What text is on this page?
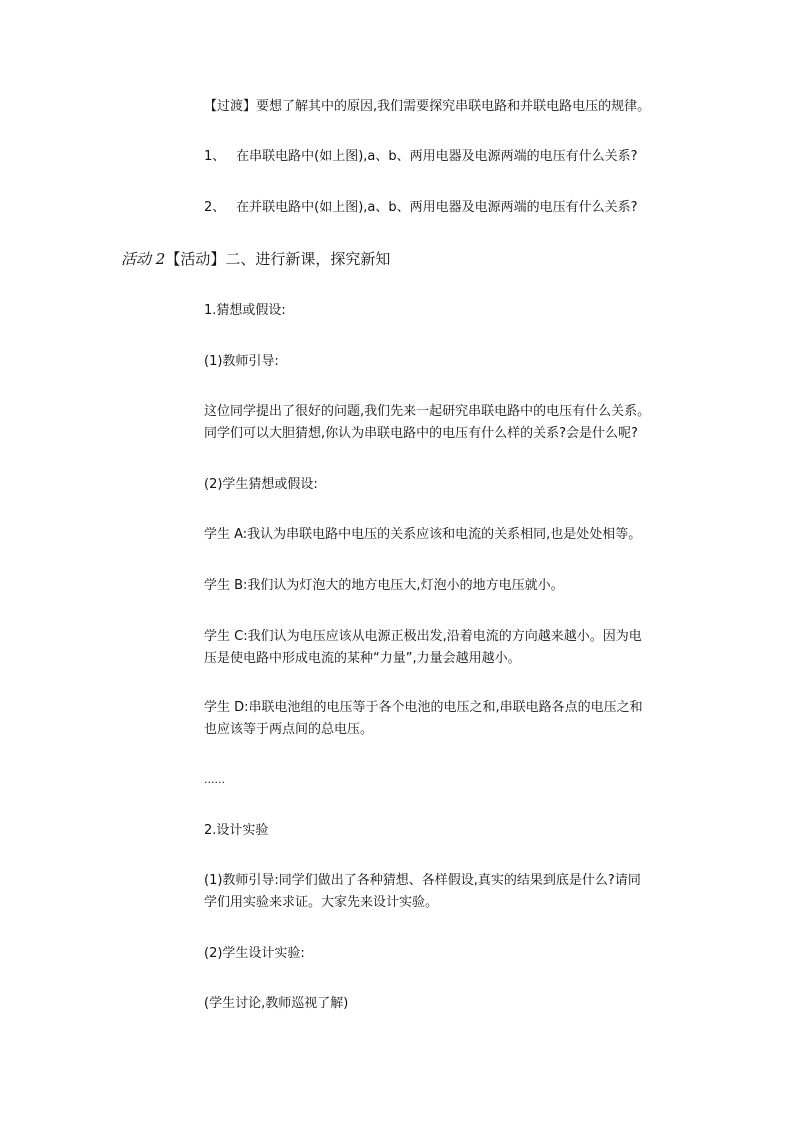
【过渡】要想了解其中的原因,我们需要探究串联电路和并联电路电压的规律。
1、 在串联电路中(如上图),a、b、两用电器及电源两端的电压有什么关系?
2、 在并联电路中(如上图),a、b、两用电器及电源两端的电压有什么关系?
活动 2【活动】二、进行新课，探究新知
1.猜想或假设:
(1)教师引导:
这位同学提出了很好的问题,我们先来一起研究串联电路中的电压有什么关系。
同学们可以大胆猜想,你认为串联电路中的电压有什么样的关系?会是什么呢?
(2)学生猜想或假设:
学生 A:我认为串联电路中电压的关系应该和电流的关系相同,也是处处相等。
学生 B:我们认为灯泡大的地方电压大,灯泡小的地方电压就小。
学生 C:我们认为电压应该从电源正极出发,沿着电流的方向越来越小。因为电
压是使电路中形成电流的某种“力量”,力量会越用越小。
学生 D:串联电池组的电压等于各个电池的电压之和,串联电路各点的电压之和
也应该等于两点间的总电压。
......
2.设计实验
(1)教师引导:同学们做出了各种猜想、各样假设,真实的结果到底是什么?请同
学们用实验来求证。大家先来设计实验。
(2)学生设计实验:
(学生讨论,教师巡视了解)
